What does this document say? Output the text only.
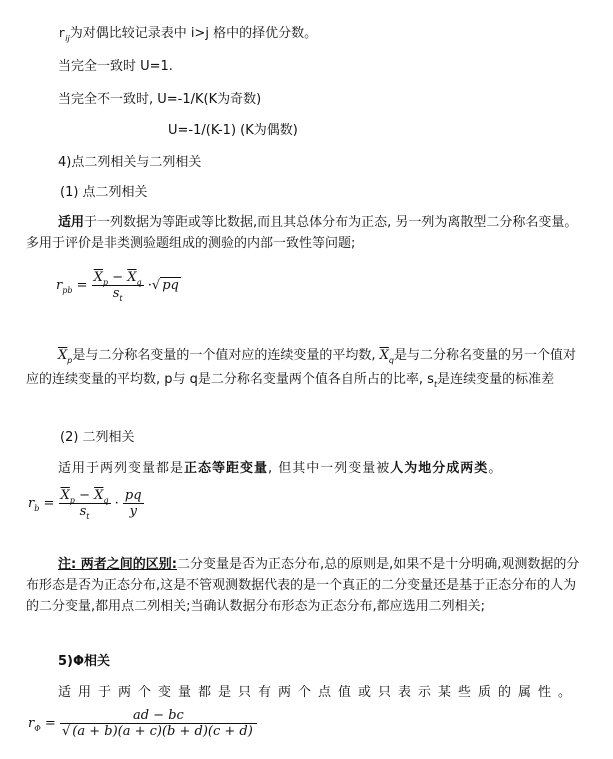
$r_{ij}$为对偶比较记录表中 i>j 格中的择优分数。
当完全一致时 U=1.
当完全不一致时, U=-1/K(K为奇数)
U=-1/(K-1) (K为偶数)
4)点二列相关与二列相关
(1) 点二列相关
适用于一列数据为等距或等比数据,而且其总体分布为正态, 另一列为离散型二分称名变量。多用于评价是非类测验题组成的测验的内部一致性等问题;
$r_{pb} = \frac{\overline{X}_p - \overline{X}_q}{s_t}$ ·√ pq
$\overline{X}_p$是与二分称名变量的一个值对应的连续变量的平均数, $\overline{X}_q$是与二分称名变量的另一个值对应的连续变量的平均数, p与 q是二分称名变量两个值各自所占的比率, $s_t$是连续变量的标准差
(2) 二列相关
适用于两列变量都是正态等距变量, 但其中一列变量被人为地分成两类。
$r_b = \frac{\overline{X}_p - \overline{X}_q}{s_t} \cdot \frac{pq}{y}$
注: 两者之间的区别:二分变量是否为正态分布,总的原则是,如果不是十分明确,观测数据的分布形态是否为正态分布,这是不管观测数据代表的是一个真正的二分变量还是基于正态分布的人为的二分变量,都用点二列相关;当确认数据分布形态为正态分布,都应选用二列相关;
5)Φ相关
适用于两个变量都是只有两个点值或只表示某些质的属性。
$r_\Phi = \frac{ad - bc}{√ (a + b)(a + c)(b + d)(c + d)}$
